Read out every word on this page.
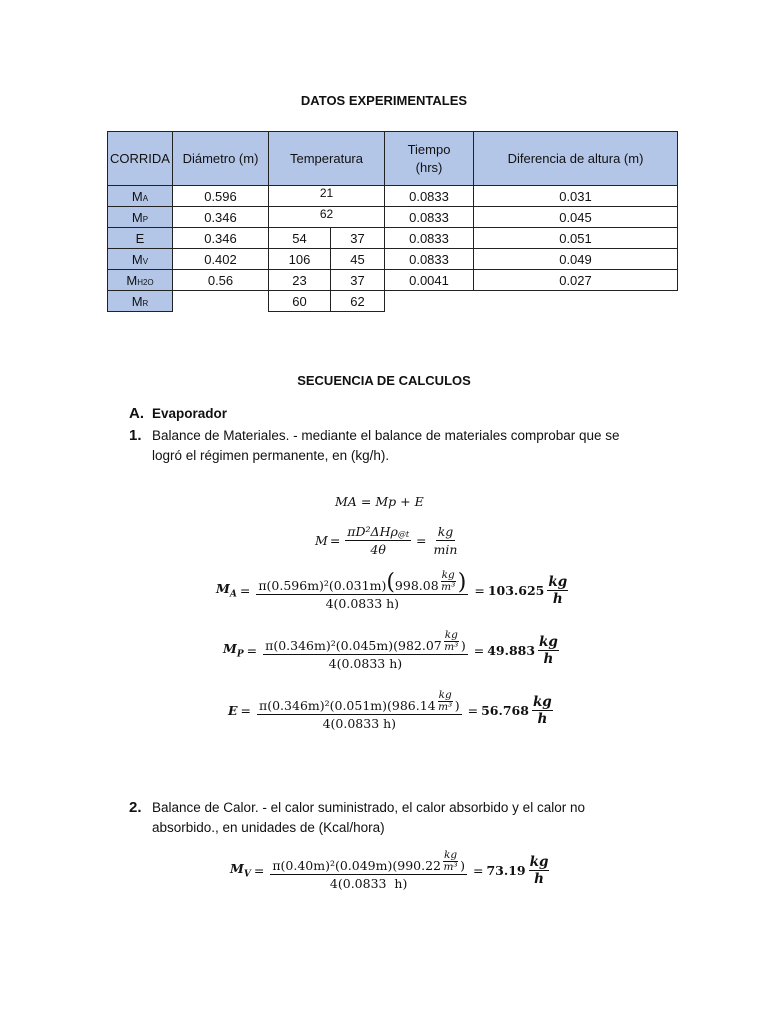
DATOS EXPERIMENTALES
CORRIDA	Diámetro (m)	Temperatura		Tiempo (hrs)	Diferencia de altura (m)
MA	0.596	21		0.0833	0.031
MP	0.346	62		0.0833	0.045
E	0.346	54	37	0.0833	0.051
MV	0.402	106	45	0.0833	0.049
MH2O	0.56	23	37	0.0041	0.027
MR		60	62		
SECUENCIA DE CALCULOS
A. Evaporador
1. Balance de Materiales. - mediante el balance de materiales comprobar que se
logró el régimen permanente, en (kg/h).
MA = Mp + E
$M = \frac{\pi D^2\Delta H\rho_{@t}}{4\theta} = \frac{kg}{\min}$
$M_A = \frac{\pi(0.596m)^2(0.031m) ( 998.08 \frac{kg}{\text{m³}} )}{4(0.0833 h)} = 103.625 \frac{kg}{h}$
$M_P = \frac{\pi(0.346m)^2(0.045m)(982.07 \frac{kg}{\text{m³}} )}{4(0.0833 h)} = 49.883 \frac{kg}{h}$
$E = \frac{\pi(0.346m)^2(0.051m)(986.14 \frac{kg}{\text{m³}} )}{4(0.0833 h)} = 56.768 \frac{kg}{h}$
2. Balance de Calor. - el calor suministrado, el calor absorbido y el calor no
absorbido., en unidades de (Kcal/hora)
$M_V = \frac{\pi(0.40m)^2(0.049m)(990.22 \frac{kg}{\text{m³}} )}{4(0.0833 h)} = 73.19 \frac{kg}{h}$
